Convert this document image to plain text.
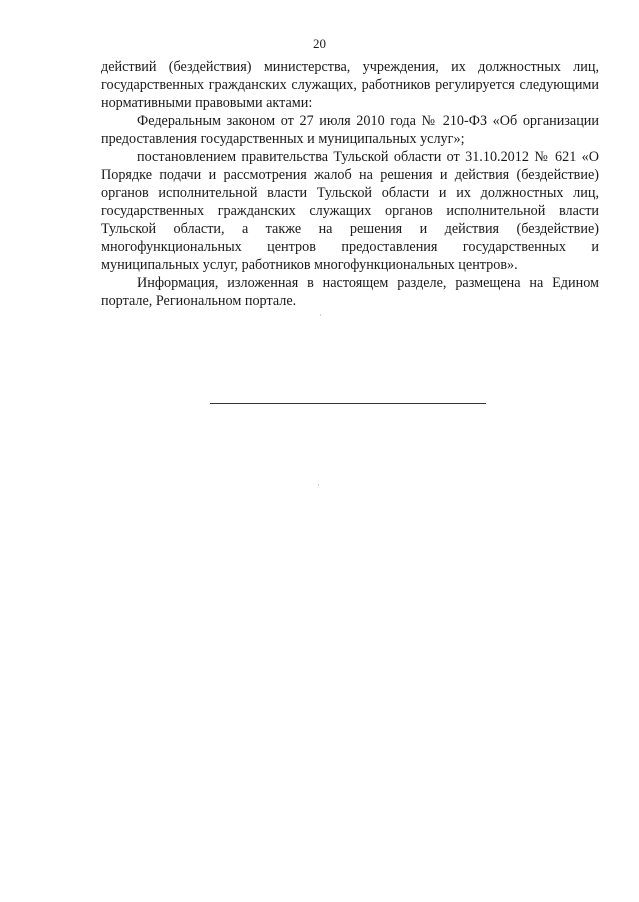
20

действий (бездействия) министерства, учреждения, их должностных лиц, государственных гражданских служащих, работников регулируется следующими нормативными правовыми актами:

Федеральным законом от 27 июля 2010 года № 210-ФЗ «Об организации предоставления государственных и муниципальных услуг»;

постановлением правительства Тульской области от 31.10.2012 № 621 «О Порядке подачи и рассмотрения жалоб на решения и действия (бездействие) органов исполнительной власти Тульской области и их должностных лиц, государственных гражданских служащих органов исполнительной власти Тульской области, а также на решения и действия (бездействие) многофункциональных центров предоставления государственных и муниципальных услуг, работников многофункциональных центров».

Информация, изложенная в настоящем разделе, размещена на Едином портале, Региональном портале.
